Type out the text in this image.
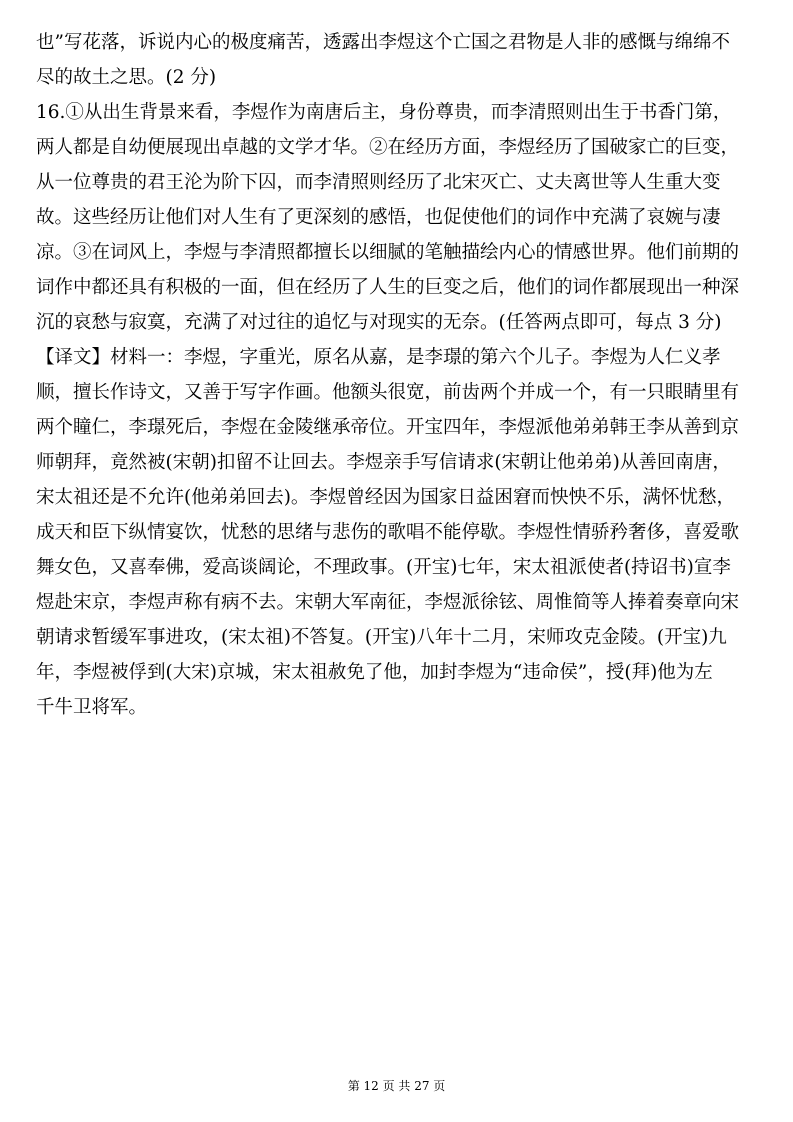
也”写花落，诉说内心的极度痛苦，透露出李煜这个亡国之君物是人非的感慨与绵绵不
尽的故土之思。(2 分)
16.①从出生背景来看，李煜作为南唐后主，身份尊贵，而李清照则出生于书香门第，
两人都是自幼便展现出卓越的文学才华。②在经历方面，李煜经历了国破家亡的巨变，
从一位尊贵的君王沦为阶下囚，而李清照则经历了北宋灭亡、丈夫离世等人生重大变
故。这些经历让他们对人生有了更深刻的感悟，也促使他们的词作中充满了哀婉与凄
凉。③在词风上，李煜与李清照都擅长以细腻的笔触描绘内心的情感世界。他们前期的
词作中都还具有积极的一面，但在经历了人生的巨变之后，他们的词作都展现出一种深
沉的哀愁与寂寞，充满了对过往的追忆与对现实的无奈。(任答两点即可，每点 3 分)
【译文】材料一：李煜，字重光，原名从嘉，是李璟的第六个儿子。李煜为人仁义孝
顺，擅长作诗文，又善于写字作画。他额头很宽，前齿两个并成一个，有一只眼睛里有
两个瞳仁，李璟死后，李煜在金陵继承帝位。开宝四年，李煜派他弟弟韩王李从善到京
师朝拜，竟然被(宋朝)扣留不让回去。李煜亲手写信请求(宋朝让他弟弟)从善回南唐，
宋太祖还是不允许(他弟弟回去)。李煜曾经因为国家日益困窘而怏怏不乐，满怀忧愁，
成天和臣下纵情宴饮，忧愁的思绪与悲伤的歌唱不能停歇。李煜性情骄矜奢侈，喜爱歌
舞女色，又喜奉佛，爱高谈阔论，不理政事。(开宝)七年，宋太祖派使者(持诏书)宣李
煜赴宋京，李煜声称有病不去。宋朝大军南征，李煜派徐铉、周惟简等人捧着奏章向宋
朝请求暂缓军事进攻，(宋太祖)不答复。(开宝)八年十二月，宋师攻克金陵。(开宝)九
年，李煜被俘到(大宋)京城，宋太祖赦免了他，加封李煜为“违命侯”，授(拜)他为左
千牛卫将军。
第 12 页 共 27 页
